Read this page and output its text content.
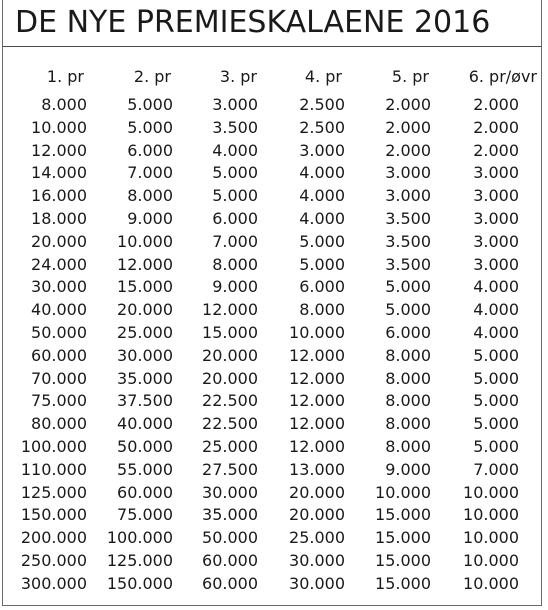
DE NYE PREMIESKALAENE 2016
1. pr	2. pr	3. pr	4. pr	5. pr 6. pr/øvr
8.000	5.000 3.000	2.500	2.000	2.000
10.000	5.000 3.500	2.500	2.000	2.000
12.000	6.000 4.000	3.000	2.000	2.000
14.000	7.000 5.000	4.000	3.000	3.000
16.000	8.000 5.000	4.000	3.000	3.000
18.000	9.000 6.000	4.000	3.500	3.000
20.000 10.000 7.000	5.000	3.500	3.000
24.000 12.000 8.000	5.000	3.500	3.000
30.000 15.000 9.000	6.000	5.000	4.000
40.000 20.000 12.000	8.000	5.000	4.000
50.000 25.000 15.000 10.000	6.000	4.000
60.000 30.000 20.000 12.000	8.000	5.000
70.000 35.000 20.000 12.000	8.000	5.000
75.000 37.500 22.500 12.000	8.000	5.000
80.000 40.000 22.500 12.000	8.000	5.000
100.000 50.000 25.000 12.000	8.000	5.000
110.000 55.000 27.500 13.000	9.000	7.000
125.000 60.000 30.000 20.000 10.000 10.000
150.000 75.000 35.000 20.000 15.000 10.000
200.000 100.000 50.000 25.000 15.000 10.000
250.000 125.000 60.000 30.000 15.000 10.000
300.000 150.000 60.000 30.000 15.000 10.000
